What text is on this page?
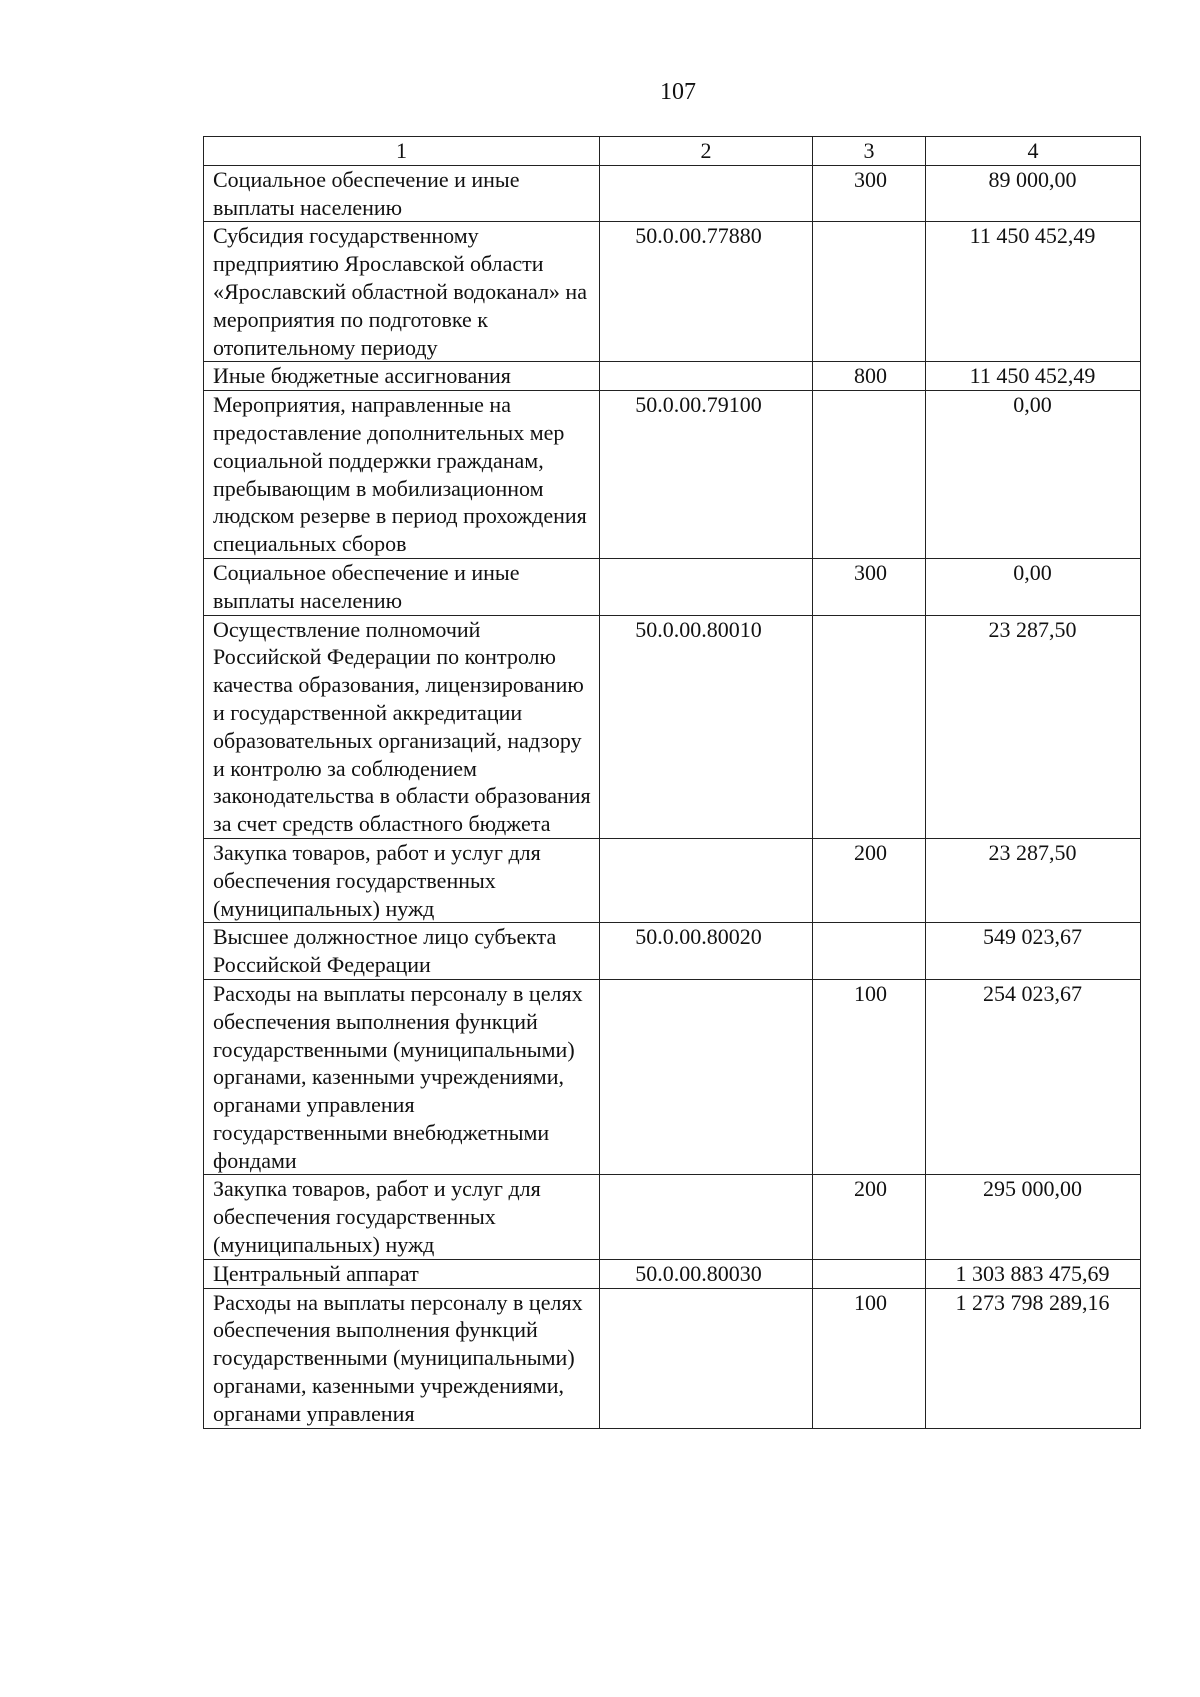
107
1	2	3	4
Социальное обеспечение и иные выплаты населению		300	89 000,00
Субсидия государственному предприятию Ярославской области «Ярославский областной водоканал» на мероприятия по подготовке к отопительному периоду	50.0.00.77880		11 450 452,49
Иные бюджетные ассигнования		800	11 450 452,49
Мероприятия, направленные на предоставление дополнительных мер социальной поддержки гражданам, пребывающим в мобилизационном людском резерве в период прохождения специальных сборов	50.0.00.79100		0,00
Социальное обеспечение и иные выплаты населению		300	0,00
Осуществление полномочий Российской Федерации по контролю качества образования, лицензированию и государственной аккредитации образовательных организаций, надзору и контролю за соблюдением законодательства в области образования за счет средств областного бюджета	50.0.00.80010		23 287,50
Закупка товаров, работ и услуг для обеспечения государственных (муниципальных) нужд		200	23 287,50
Высшее должностное лицо субъекта Российской Федерации	50.0.00.80020		549 023,67
Расходы на выплаты персоналу в целях обеспечения выполнения функций государственными (муниципальными) органами, казенными учреждениями, органами управления государственными внебюджетными фондами		100	254 023,67
Закупка товаров, работ и услуг для обеспечения государственных (муниципальных) нужд		200	295 000,00
Центральный аппарат	50.0.00.80030		1 303 883 475,69
Расходы на выплаты персоналу в целях обеспечения выполнения функций государственными (муниципальными) органами, казенными учреждениями, органами управления		100	1 273 798 289,16
